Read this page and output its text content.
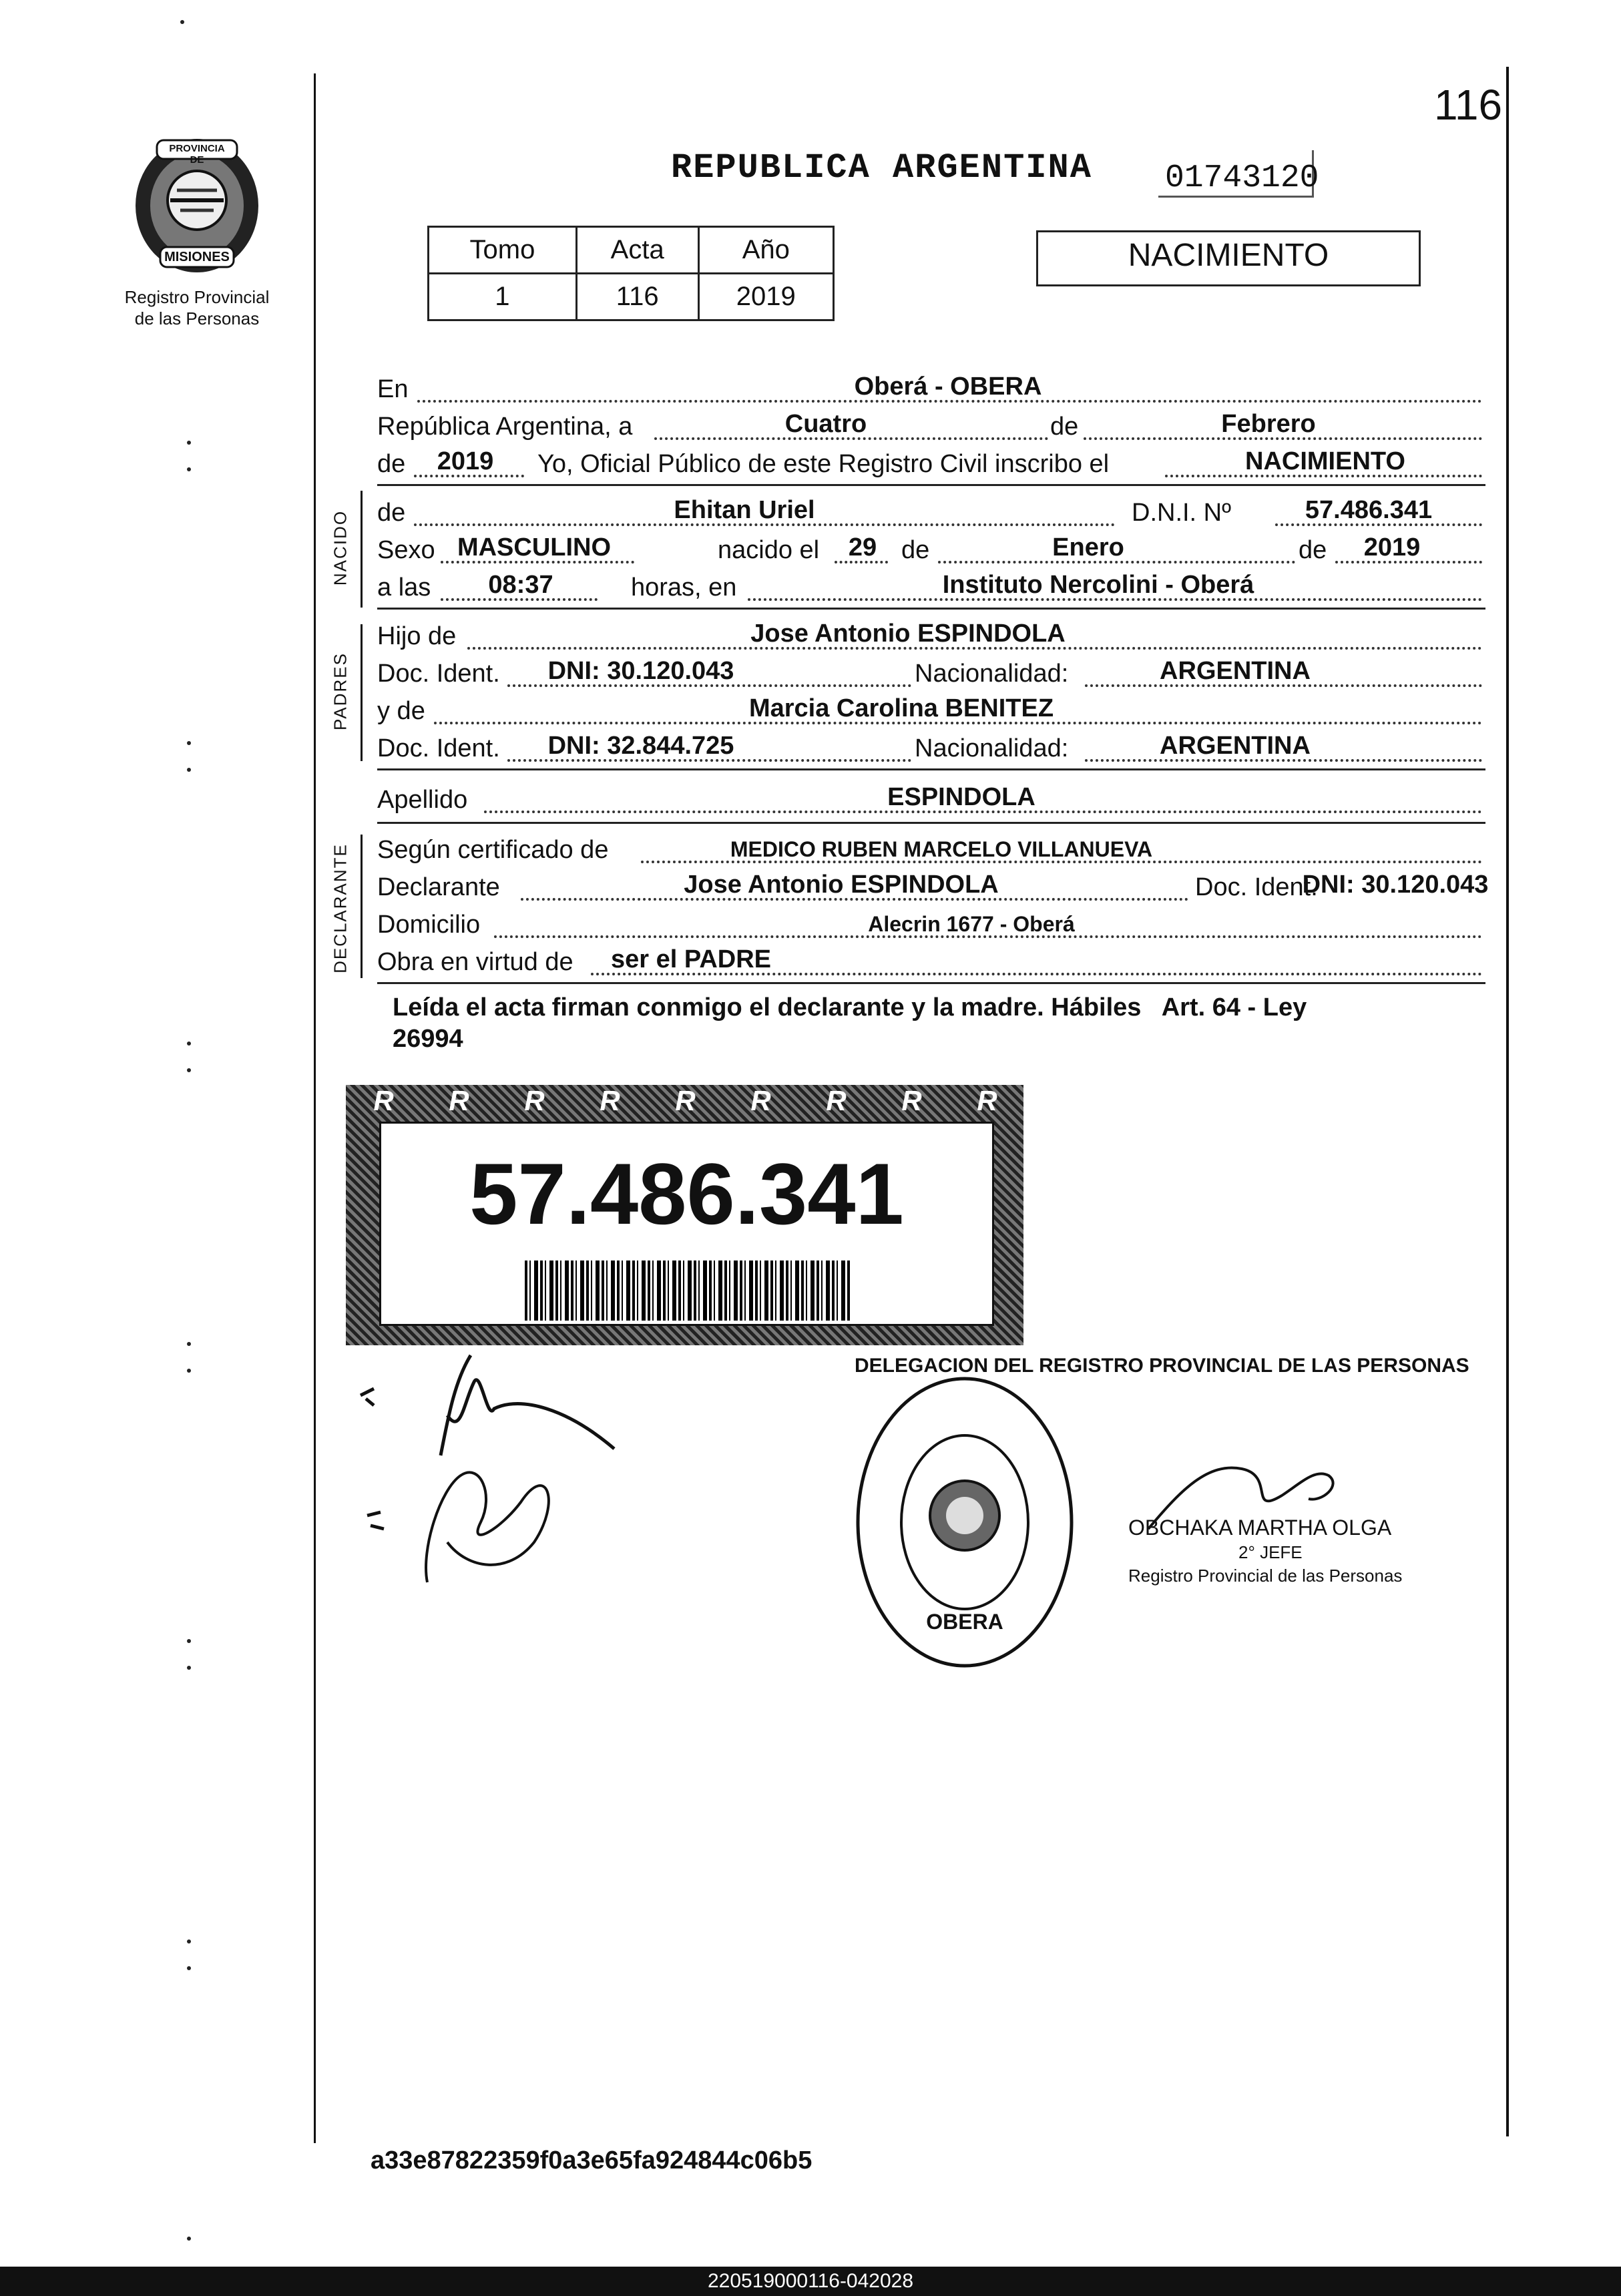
116
PROVINCIA DE
MISIONES
Registro Provincial
de las Personas
REPUBLICA ARGENTINA 01743120
Tomo	Acta	Año
1	116	2019
NACIMIENTO
En	Oberá - OBERA
República Argentina, a	Cuatro	de	Febrero
de 2019 Yo, Oficial Público de este Registro Civil inscribo el	NACIMIENTO
de	Ehitan Uriel	D.N.I. Nº	57.486.341
Sexo MASCULINO	nacido el 29 de	Enero	de 2019
a las 08:37	horas, en	Instituto Nercolini - Oberá
Hijo de	Jose Antonio ESPINDOLA
Doc. Ident. DNI: 30.120.043	Nacionalidad:	ARGENTINA
y de	Marcia Carolina BENITEZ
Doc. Ident. DNI: 32.844.725	Nacionalidad:	ARGENTINA
Apellido	ESPINDOLA
Según certificado de	MEDICO RUBEN MARCELO VILLANUEVA
Declarante	Jose Antonio ESPINDOLA	Doc. Ident.
DNI: 30.120.043
Domicilio	Alecrin 1677 - Oberá
Obra en virtud de ser el PADRE
NACIDO
PADRES
DECLARANTE
Leída el acta firman conmigo el declarante y la madre. Hábiles   Art. 64 - Ley
26994
R	R	R	R	R	R	R	R	R
57.486.341
DELEGACION DEL REGISTRO PROVINCIAL DE LAS PERSONAS
OBERA
OBCHAKA MARTHA OLGA
2° JEFE
Registro Provincial de las Personas
a33e87822359f0a3e65fa924844c06b5
220519000116-042028
